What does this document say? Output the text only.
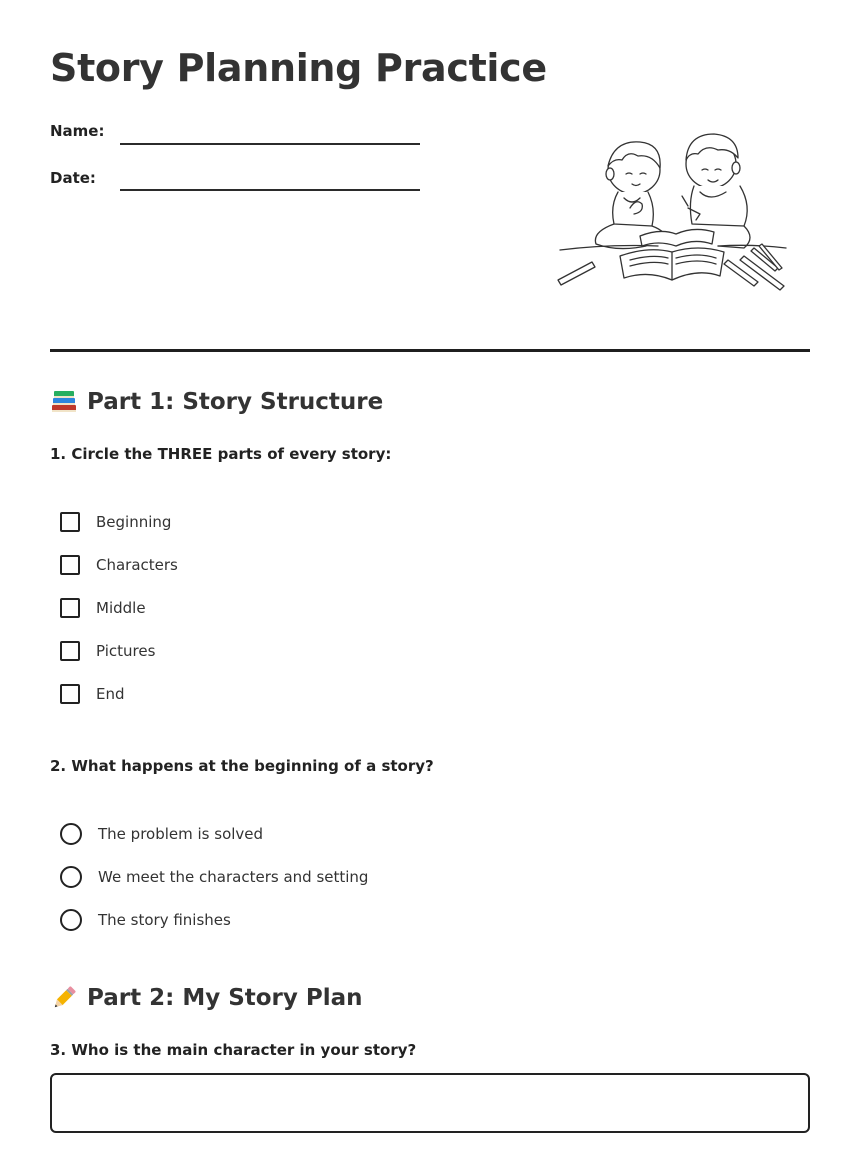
Story Planning Practice
Name:
Date:
Part 1: Story Structure

1. Circle the THREE parts of every story:

Beginning
Characters
Middle
Pictures
End

2. What happens at the beginning of a story?

The problem is solved
We meet the characters and setting
The story finishes
Part 2: My Story Plan

3. Who is the main character in your story?
